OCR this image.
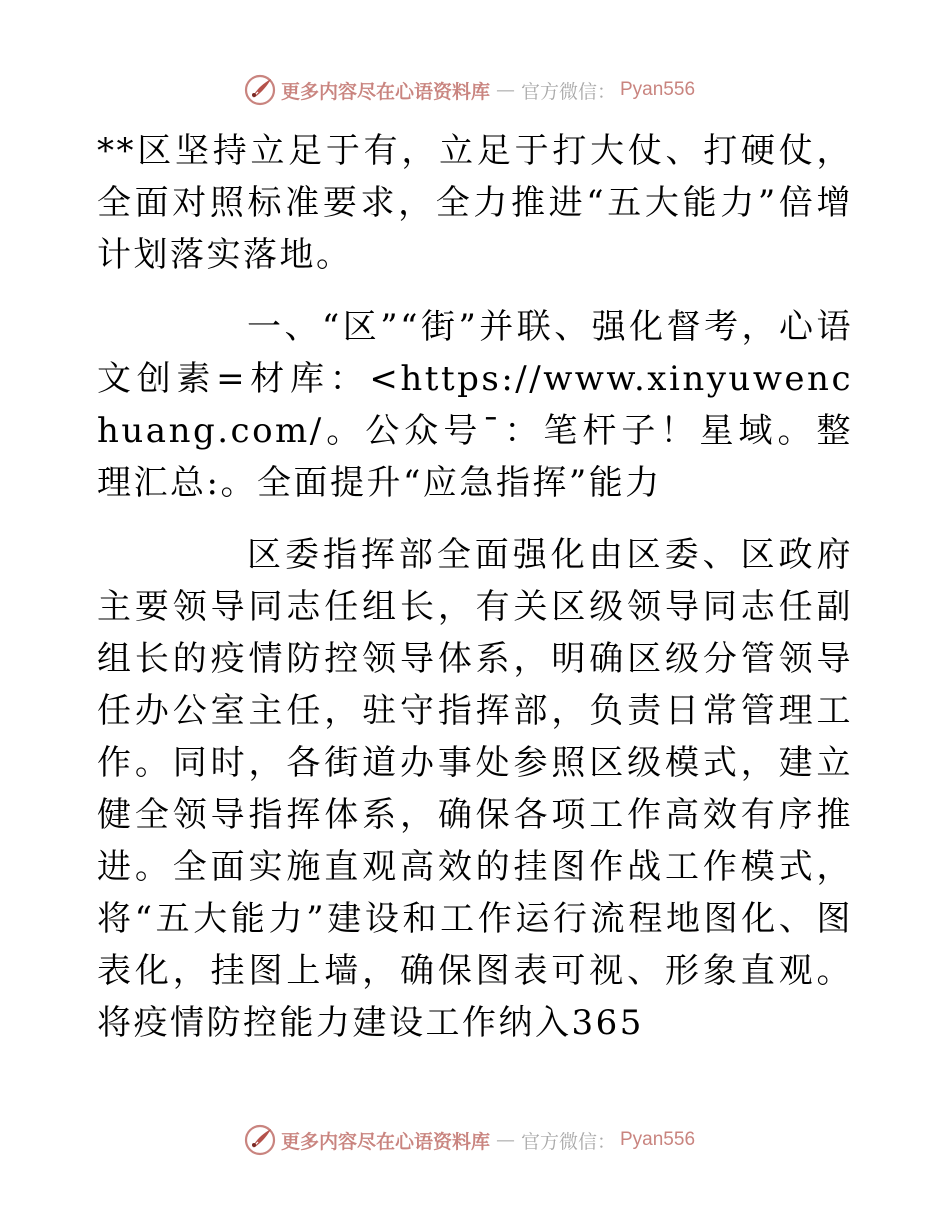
更多内容尽在心语资料库 — 官方微信： Pyan556

**区坚持立足于有，立足于打大仗、打硬仗，全面对照标准要求，全力推进“五大能力”倍增计划落实落地。

一、“区”“街”并联、强化督考，心语文创素=材库：<https://www.xinyuwenchuang.com/。公众号¯：笔杆子！星域。整理汇总:。全面提升“应急指挥”能力

区委指挥部全面强化由区委、区政府主要领导同志任组长，有关区级领导同志任副组长的疫情防控领导体系，明确区级分管领导任办公室主任，驻守指挥部，负责日常管理工作。同时，各街道办事处参照区级模式，建立健全领导指挥体系，确保各项工作高效有序推进。全面实施直观高效的挂图作战工作模式，将“五大能力”建设和工作运行流程地图化、图表化，挂图上墙，确保图表可视、形象直观。将疫情防控能力建设工作纳入365

更多内容尽在心语资料库 — 官方微信： Pyan556
